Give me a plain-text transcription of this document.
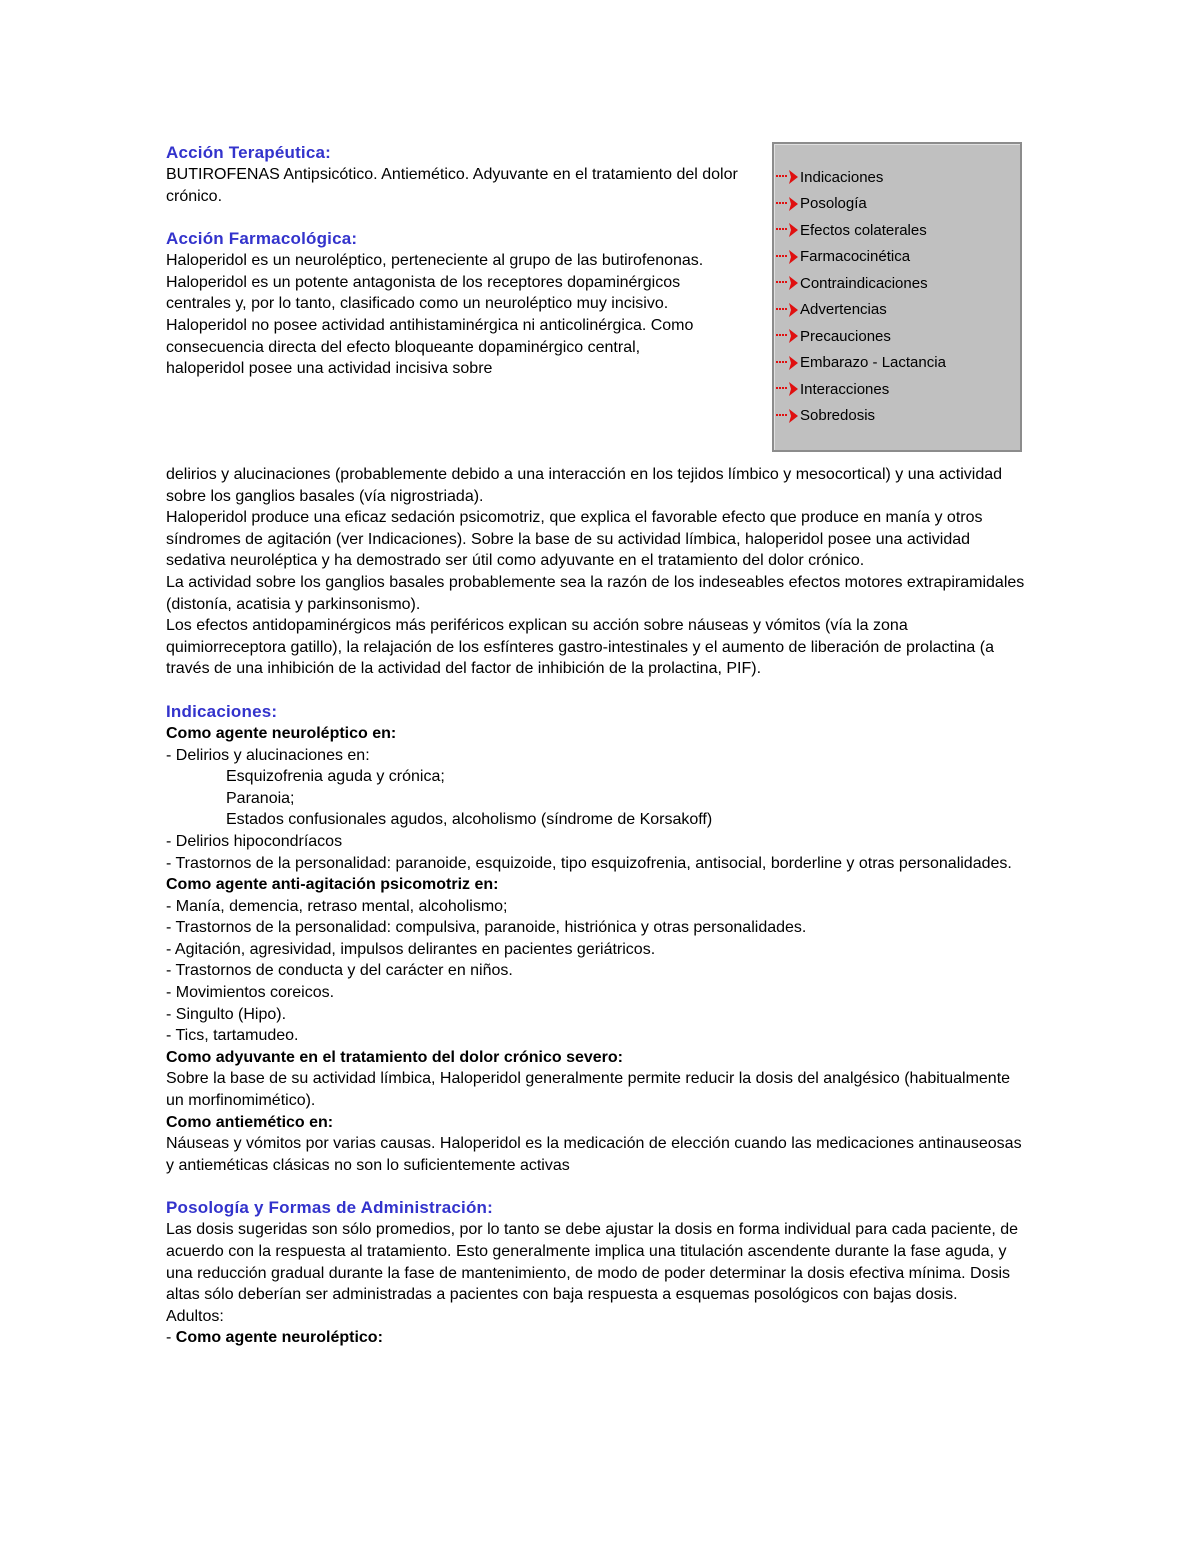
Acción Terapéutica:

BUTIROFENAS Antipsicótico. Antiemético. Adyuvante en el tratamiento del dolor crónico.

Acción Farmacológica:
Haloperidol es un neuroléptico, perteneciente al grupo de las butirofenonas.
Haloperidol es un potente antagonista de los receptores dopaminérgicos
centrales y, por lo tanto, clasificado como un neuroléptico muy incisivo.
Haloperidol no posee actividad antihistaminérgica ni anticolinérgica. Como
consecuencia directa del efecto bloqueante dopaminérgico central,
haloperidol posee una actividad incisiva sobre
Indicaciones
Posología
Efectos colaterales
Farmacocinética
Contraindicaciones
Advertencias
Precauciones
Embarazo - Lactancia
Interacciones
Sobredosis

delirios y alucinaciones (probablemente debido a una interacción en los tejidos límbico y mesocortical) y una actividad sobre los ganglios basales (vía nigrostriada).

Haloperidol produce una eficaz sedación psicomotriz, que explica el favorable efecto que produce en manía y otros síndromes de agitación (ver Indicaciones). Sobre la base de su actividad límbica, haloperidol posee una actividad sedativa neuroléptica y ha demostrado ser útil como adyuvante en el tratamiento del dolor crónico.

La actividad sobre los ganglios basales probablemente sea la razón de los indeseables efectos motores extrapiramidales (distonía, acatisia y parkinsonismo).

Los efectos antidopaminérgicos más periféricos explican su acción sobre náuseas y vómitos (vía la zona quimiorreceptora gatillo), la relajación de los esfínteres gastro-intestinales y el aumento de liberación de prolactina (a través de una inhibición de la actividad del factor de inhibición de la prolactina, PIF).

Indicaciones:

Como agente neuroléptico en:

- Delirios y alucinaciones en:

Esquizofrenia aguda y crónica;

Paranoia;

Estados confusionales agudos, alcoholismo (síndrome de Korsakoff)

- Delirios hipocondríacos

- Trastornos de la personalidad: paranoide, esquizoide, tipo esquizofrenia, antisocial, borderline y otras personalidades.

Como agente anti-agitación psicomotriz en:

- Manía, demencia, retraso mental, alcoholismo;

- Trastornos de la personalidad: compulsiva, paranoide, histriónica y otras personalidades.

- Agitación, agresividad, impulsos delirantes en pacientes geriátricos.

- Trastornos de conducta y del carácter en niños.

- Movimientos coreicos.

- Singulto (Hipo).

- Tics, tartamudeo.

Como adyuvante en el tratamiento del dolor crónico severo:

Sobre la base de su actividad límbica, Haloperidol generalmente permite reducir la dosis del analgésico (habitualmente un morfinomimético).

Como antiemético en:

Náuseas y vómitos por varias causas. Haloperidol es la medicación de elección cuando las medicaciones antinauseosas y antieméticas clásicas no son lo suficientemente activas

Posología y Formas de Administración:

Las dosis sugeridas son sólo promedios, por lo tanto se debe ajustar la dosis en forma individual para cada paciente, de acuerdo con la respuesta al tratamiento. Esto generalmente implica una titulación ascendente durante la fase aguda, y una reducción gradual durante la fase de mantenimiento, de modo de poder determinar la dosis efectiva mínima. Dosis altas sólo deberían ser administradas a pacientes con baja respuesta a esquemas posológicos con bajas dosis.

Adultos:

- Como agente neuroléptico:
